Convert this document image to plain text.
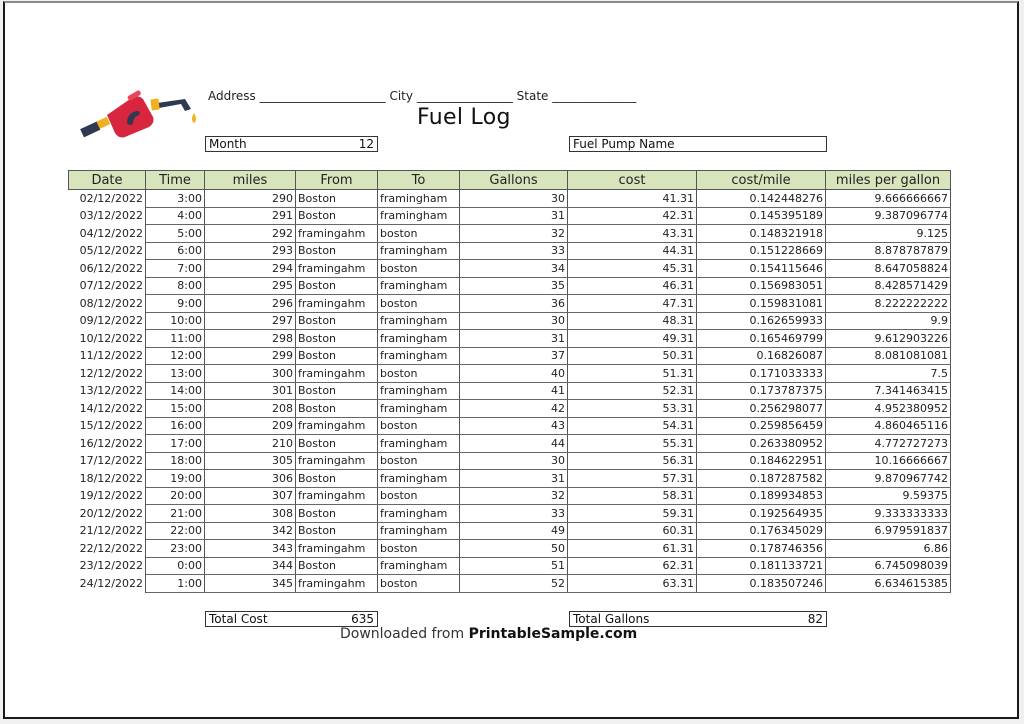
Address _____________________ City ________________ State ______________
Fuel Log
Month	12	Fuel Pump Name
Date	Time	miles	From	To	Gallons	cost	cost/mile	miles per gallon
02/12/2022	3:00	290	Boston	framingham	30	41.31	0.142448276	9.666666667
03/12/2022	4:00	291	Boston	framingham	31	42.31	0.145395189	9.387096774
04/12/2022	5:00	292	framingahm	boston	32	43.31	0.148321918	9.125
05/12/2022	6:00	293	Boston	framingham	33	44.31	0.151228669	8.878787879
06/12/2022	7:00	294	framingahm	boston	34	45.31	0.154115646	8.647058824
07/12/2022	8:00	295	Boston	framingham	35	46.31	0.156983051	8.428571429
08/12/2022	9:00	296	framingahm	boston	36	47.31	0.159831081	8.222222222
09/12/2022	10:00	297	Boston	framingham	30	48.31	0.162659933	9.9
10/12/2022	11:00	298	Boston	framingham	31	49.31	0.165469799	9.612903226
11/12/2022	12:00	299	Boston	framingham	37	50.31	0.16826087	8.081081081
12/12/2022	13:00	300	framingahm	boston	40	51.31	0.171033333	7.5
13/12/2022	14:00	301	Boston	framingham	41	52.31	0.173787375	7.341463415
14/12/2022	15:00	208	Boston	framingham	42	53.31	0.256298077	4.952380952
15/12/2022	16:00	209	framingahm	boston	43	54.31	0.259856459	4.860465116
16/12/2022	17:00	210	Boston	framingham	44	55.31	0.263380952	4.772727273
17/12/2022	18:00	305	framingahm	boston	30	56.31	0.184622951	10.16666667
18/12/2022	19:00	306	Boston	framingham	31	57.31	0.187287582	9.870967742
19/12/2022	20:00	307	framingahm	boston	32	58.31	0.189934853	9.59375
20/12/2022	21:00	308	Boston	framingham	33	59.31	0.192564935	9.333333333
21/12/2022	22:00	342	Boston	framingham	49	60.31	0.176345029	6.979591837
22/12/2022	23:00	343	framingahm	boston	50	61.31	0.178746356	6.86
23/12/2022	0:00	344	Boston	framingham	51	62.31	0.181133721	6.745098039
24/12/2022	1:00	345	framingahm	boston	52	63.31	0.183507246	6.634615385
Total Cost	635	Total Gallons	82
Downloaded from PrintableSample.com
